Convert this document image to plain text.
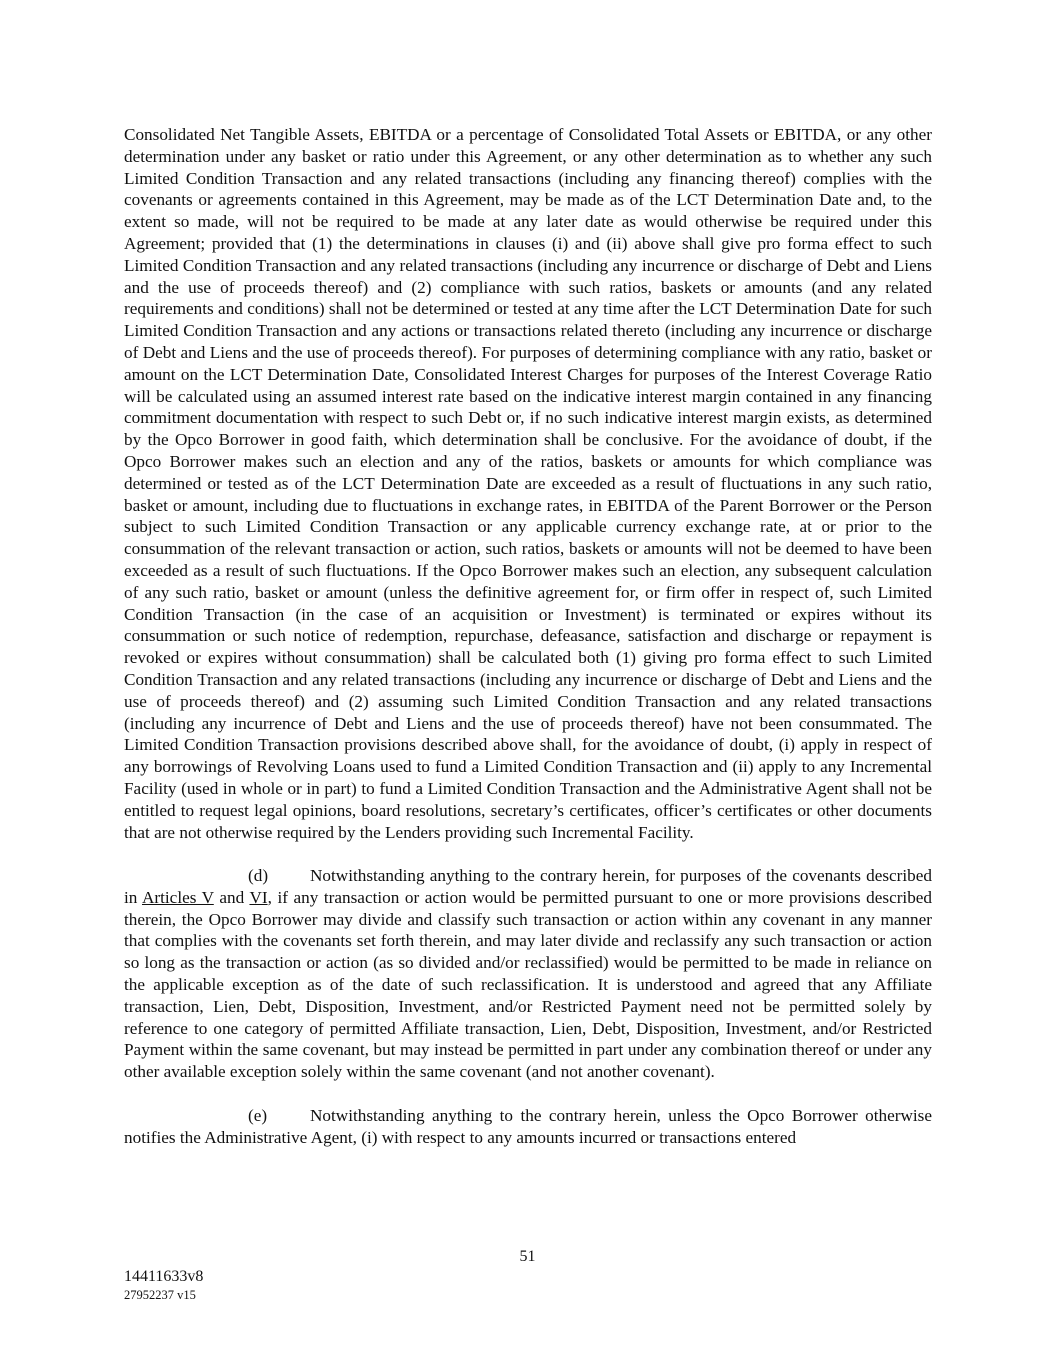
Consolidated Net Tangible Assets, EBITDA or a percentage of Consolidated Total Assets or EBITDA, or any other determination under any basket or ratio under this Agreement, or any other determination as to whether any such Limited Condition Transaction and any related transactions (including any financing thereof) complies with the covenants or agreements contained in this Agreement, may be made as of the LCT Determination Date and, to the extent so made, will not be required to be made at any later date as would otherwise be required under this Agreement; provided that (1) the determinations in clauses (i) and (ii) above shall give pro forma effect to such Limited Condition Transaction and any related transactions (including any incurrence or discharge of Debt and Liens and the use of proceeds thereof) and (2) compliance with such ratios, baskets or amounts (and any related requirements and conditions) shall not be determined or tested at any time after the LCT Determination Date for such Limited Condition Transaction and any actions or transactions related thereto (including any incurrence or discharge of Debt and Liens and the use of proceeds thereof). For purposes of determining compliance with any ratio, basket or amount on the LCT Determination Date, Consolidated Interest Charges for purposes of the Interest Coverage Ratio will be calculated using an assumed interest rate based on the indicative interest margin contained in any financing commitment documentation with respect to such Debt or, if no such indicative interest margin exists, as determined by the Opco Borrower in good faith, which determination shall be conclusive. For the avoidance of doubt, if the Opco Borrower makes such an election and any of the ratios, baskets or amounts for which compliance was determined or tested as of the LCT Determination Date are exceeded as a result of fluctuations in any such ratio, basket or amount, including due to fluctuations in exchange rates, in EBITDA of the Parent Borrower or the Person subject to such Limited Condition Transaction or any applicable currency exchange rate, at or prior to the consummation of the relevant transaction or action, such ratios, baskets or amounts will not be deemed to have been exceeded as a result of such fluctuations. If the Opco Borrower makes such an election, any subsequent calculation of any such ratio, basket or amount (unless the definitive agreement for, or firm offer in respect of, such Limited Condition Transaction (in the case of an acquisition or Investment) is terminated or expires without its consummation or such notice of redemption, repurchase, defeasance, satisfaction and discharge or repayment is revoked or expires without consummation) shall be calculated both (1) giving pro forma effect to such Limited Condition Transaction and any related transactions (including any incurrence or discharge of Debt and Liens and the use of proceeds thereof) and (2) assuming such Limited Condition Transaction and any related transactions (including any incurrence of Debt and Liens and the use of proceeds thereof) have not been consummated. The Limited Condition Transaction provisions described above shall, for the avoidance of doubt, (i) apply in respect of any borrowings of Revolving Loans used to fund a Limited Condition Transaction and (ii) apply to any Incremental Facility (used in whole or in part) to fund a Limited Condition Transaction and the Administrative Agent shall not be entitled to request legal opinions, board resolutions, secretary’s certificates, officer’s certificates or other documents that are not otherwise required by the Lenders providing such Incremental Facility.

(d) Notwithstanding anything to the contrary herein, for purposes of the covenants described in Articles V and VI, if any transaction or action would be permitted pursuant to one or more provisions described therein, the Opco Borrower may divide and classify such transaction or action within any covenant in any manner that complies with the covenants set forth therein, and may later divide and reclassify any such transaction or action so long as the transaction or action (as so divided and/or reclassified) would be permitted to be made in reliance on the applicable exception as of the date of such reclassification. It is understood and agreed that any Affiliate transaction, Lien, Debt, Disposition, Investment, and/or Restricted Payment need not be permitted solely by reference to one category of permitted Affiliate transaction, Lien, Debt, Disposition, Investment, and/or Restricted Payment within the same covenant, but may instead be permitted in part under any combination thereof or under any other available exception solely within the same covenant (and not another covenant).

(e) Notwithstanding anything to the contrary herein, unless the Opco Borrower otherwise notifies the Administrative Agent, (i) with respect to any amounts incurred or transactions entered

51
14411633v8
27952237 v15
